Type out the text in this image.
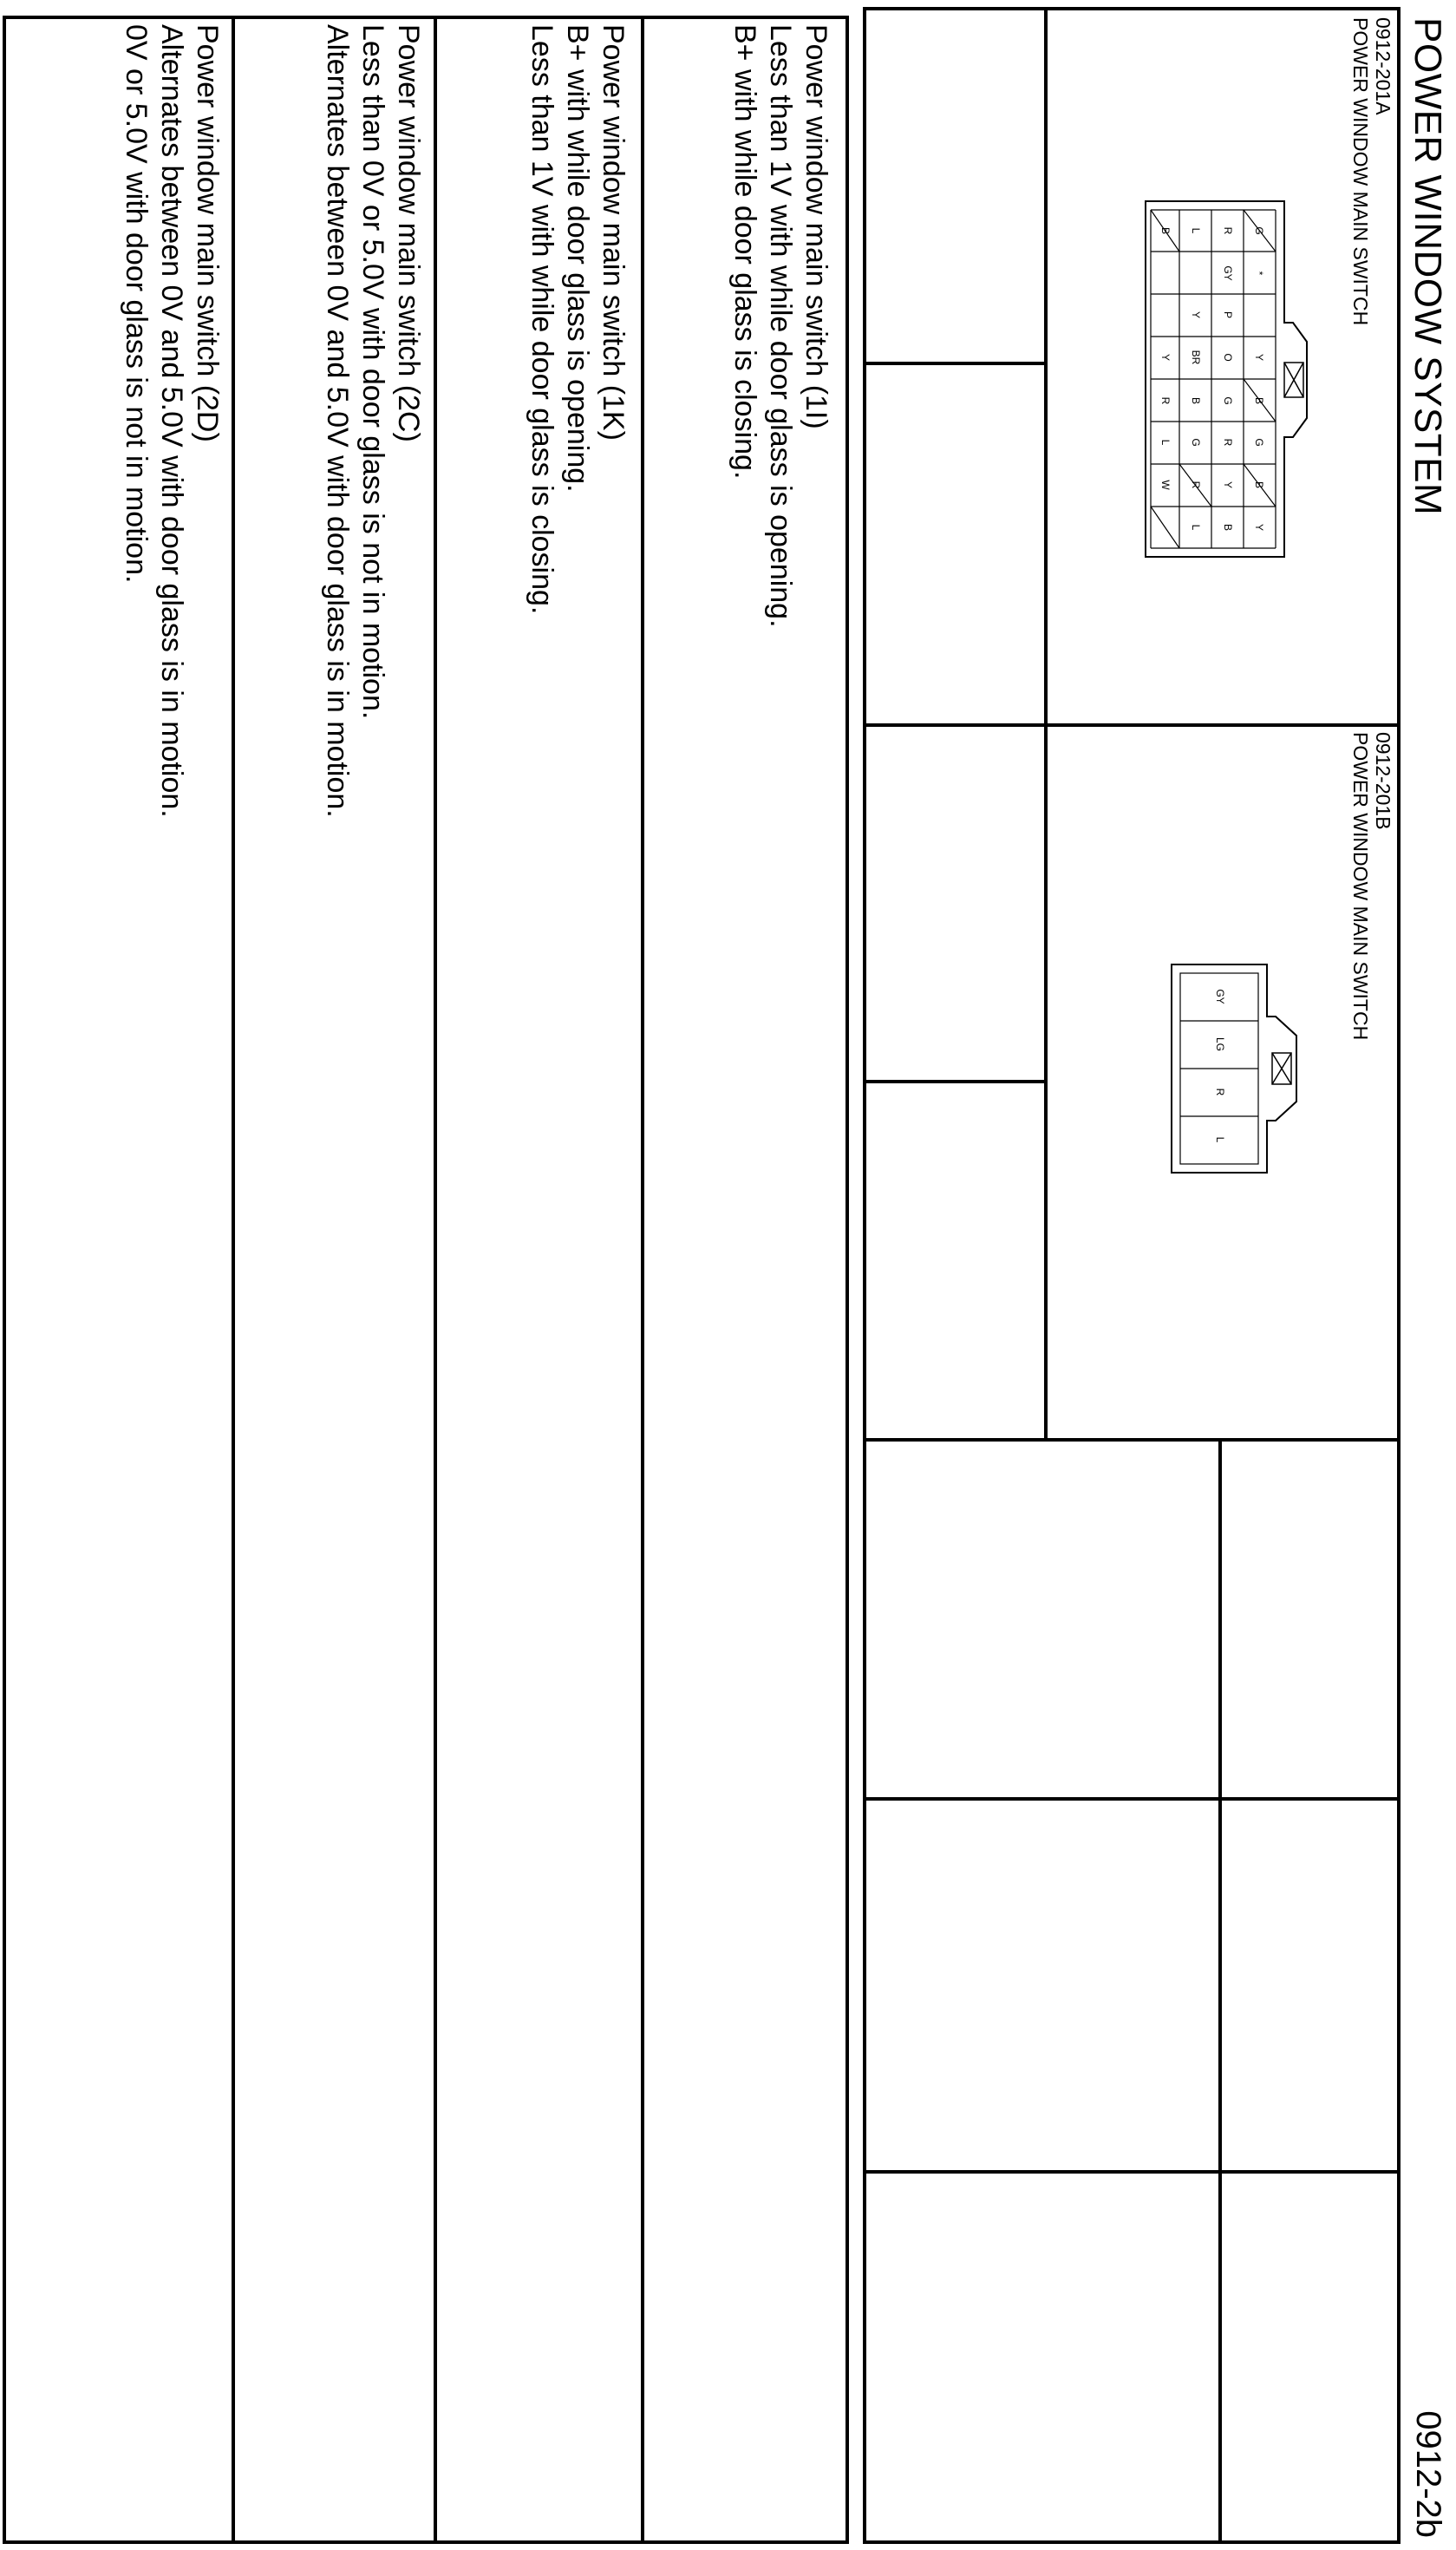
POWER WINDOW SYSTEM
0912-2b
0912-201A
POWER WINDOW MAIN SWITCH
G
*
Y
B
G
B
Y
R
GY
P
O
G
R
Y
B
L
Y
BR
B
G
R
L
B
Y
R
L
W
0912-201B
POWER WINDOW MAIN SWITCH
GY
LG
R
L
Power window main switch (1I)
Less than 1V with while door glass is opening.
B+ with while door glass is closing.
Power window main switch (1K)
B+ with while door glass is opening.
Less than 1V with while door glass is closing.
Power window main switch (2C)
Less than 0V or 5.0V with door glass is not in motion.
Alternates between 0V and 5.0V with door glass is in motion.
Power window main switch (2D)
Alternates between 0V and 5.0V with door glass is in motion.
0V or 5.0V with door glass is not in motion.
